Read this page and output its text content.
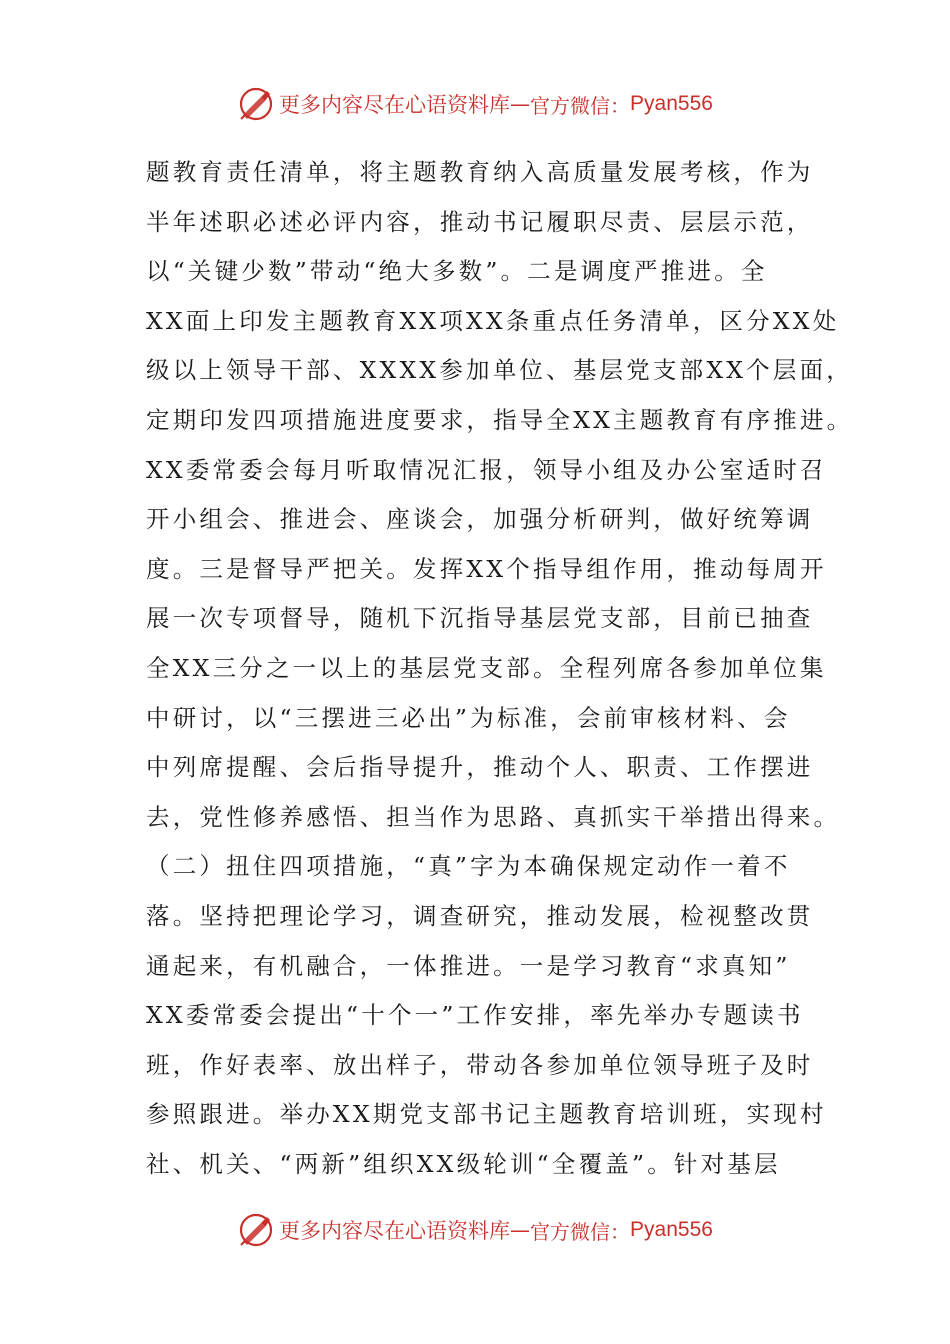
更多内容尽在心语资料库 — 官方微信： Pyan556
题教育责任清单，将主题教育纳入高质量发展考核，作为
半年述职必述必评内容，推动书记履职尽责、层层示范，
以“关键少数”带动“绝大多数”。二是调度严推进。全
XX面上印发主题教育XX项XX条重点任务清单，区分XX处
级以上领导干部、XXXX参加单位、基层党支部XX个层面，
定期印发四项措施进度要求，指导全XX主题教育有序推进。
XX委常委会每月听取情况汇报，领导小组及办公室适时召
开小组会、推进会、座谈会，加强分析研判，做好统筹调
度。三是督导严把关。发挥XX个指导组作用，推动每周开
展一次专项督导，随机下沉指导基层党支部，目前已抽查
全XX三分之一以上的基层党支部。全程列席各参加单位集
中研讨，以“三摆进三必出”为标准，会前审核材料、会
中列席提醒、会后指导提升，推动个人、职责、工作摆进
去，党性修养感悟、担当作为思路、真抓实干举措出得来。
（二）扭住四项措施，“真”字为本确保规定动作一着不
落。坚持把理论学习，调查研究，推动发展，检视整改贯
通起来，有机融合，一体推进。一是学习教育“求真知”
XX委常委会提出“十个一”工作安排，率先举办专题读书
班，作好表率、放出样子，带动各参加单位领导班子及时
参照跟进。举办XX期党支部书记主题教育培训班，实现村
社、机关、“两新”组织XX级轮训“全覆盖”。针对基层
更多内容尽在心语资料库 — 官方微信： Pyan556
